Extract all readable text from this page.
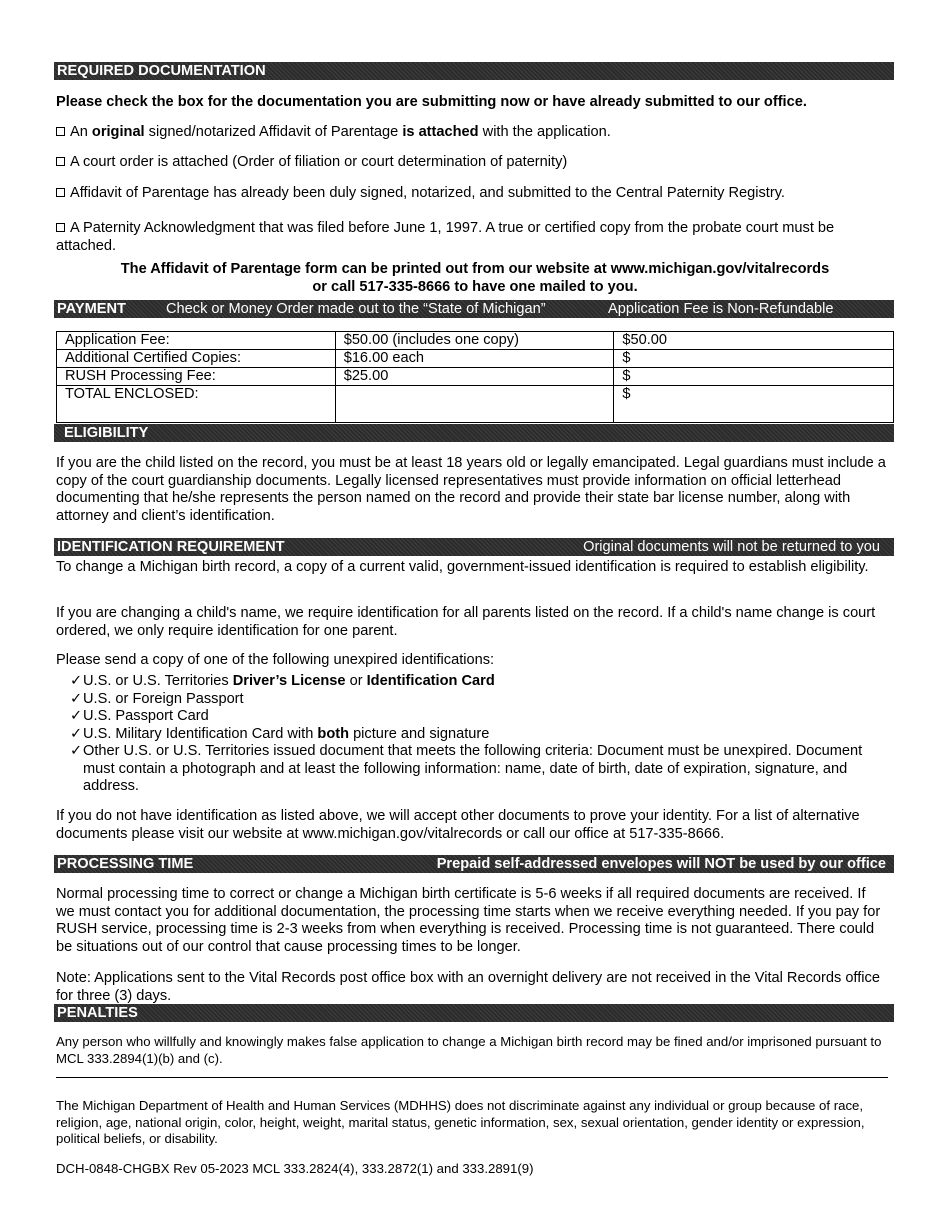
REQUIRED DOCUMENTATION
Please check the box for the documentation you are submitting now or have already submitted to our office.
An original signed/notarized Affidavit of Parentage is attached with the application.
A court order is attached (Order of filiation or court determination of paternity)
Affidavit of Parentage has already been duly signed, notarized, and submitted to the Central Paternity Registry.
A Paternity Acknowledgment that was filed before June 1, 1997. A true or certified copy from the probate court must be attached.
The Affidavit of Parentage form can be printed out from our website at www.michigan.gov/vitalrecords
or call 517-335-8666 to have one mailed to you.
PAYMENT	Check or Money Order made out to the “State of Michigan”	Application Fee is Non-Refundable
Application Fee:	$50.00 (includes one copy)	$50.00
Additional Certified Copies:	$16.00 each	$
RUSH Processing Fee:	$25.00	$
TOTAL ENCLOSED:		$
ELIGIBILITY
If you are the child listed on the record, you must be at least 18 years old or legally emancipated. Legal guardians must include a copy of the court guardianship documents. Legally licensed representatives must provide information on official letterhead documenting that he/she represents the person named on the record and provide their state bar license number, along with attorney and client’s identification.
IDENTIFICATION REQUIREMENT	Original documents will not be returned to you
To change a Michigan birth record, a copy of a current valid, government-issued identification is required to establish eligibility.
If you are changing a child's name, we require identification for all parents listed on the record. If a child's name change is court ordered, we only require identification for one parent.
Please send a copy of one of the following unexpired identifications:
✓ U.S. or U.S. Territories Driver’s License or Identification Card
✓ U.S. or Foreign Passport
✓ U.S. Passport Card
✓ U.S. Military Identification Card with both picture and signature
✓ Other U.S. or U.S. Territories issued document that meets the following criteria: Document must be unexpired. Document must contain a photograph and at least the following information: name, date of birth, date of expiration, signature, and address.
If you do not have identification as listed above, we will accept other documents to prove your identity. For a list of alternative documents please visit our website at www.michigan.gov/vitalrecords or call our office at 517-335-8666.
PROCESSING TIME	Prepaid self-addressed envelopes will NOT be used by our office
Normal processing time to correct or change a Michigan birth certificate is 5-6 weeks if all required documents are received. If we must contact you for additional documentation, the processing time starts when we receive everything needed. If you pay for RUSH service, processing time is 2-3 weeks from when everything is received. Processing time is not guaranteed. There could be situations out of our control that cause processing times to be longer.
Note: Applications sent to the Vital Records post office box with an overnight delivery are not received in the Vital Records office for three (3) days.
PENALTIES
Any person who willfully and knowingly makes false application to change a Michigan birth record may be fined and/or imprisoned pursuant to MCL 333.2894(1)(b) and (c).
The Michigan Department of Health and Human Services (MDHHS) does not discriminate against any individual or group because of race, religion, age, national origin, color, height, weight, marital status, genetic information, sex, sexual orientation, gender identity or expression, political beliefs, or disability.
DCH-0848-CHGBX Rev 05-2023 MCL 333.2824(4), 333.2872(1) and 333.2891(9)
